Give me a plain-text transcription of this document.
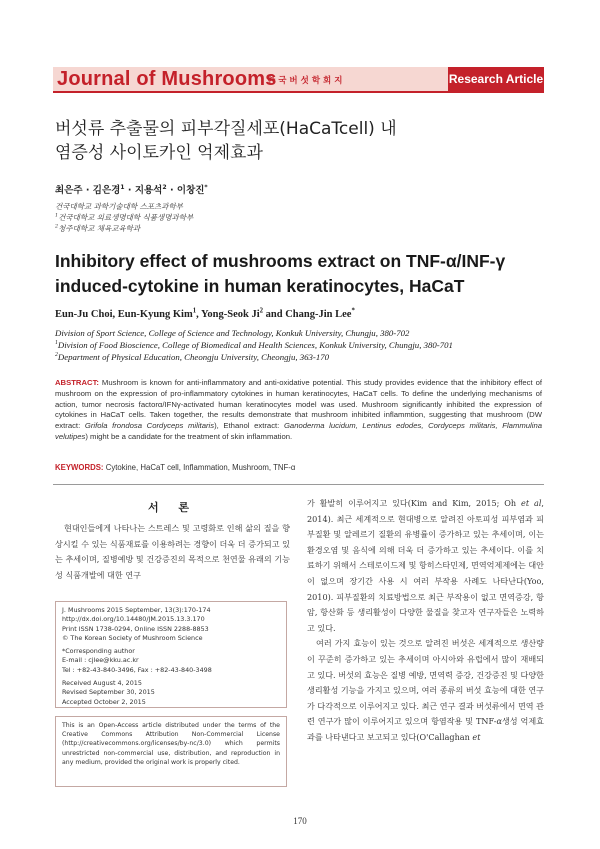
Journal of Mushrooms
한국버섯학회지	Research Article
버섯류 추출물의 피부각질세포(HaCaTcell) 내
염증성 사이토카인 억제효과
최은주 · 김은경$^1$ · 지용석$^2$ · 이창진*
건국대학교 과학기술대학 스포츠과학부
$^1$건국대학교 의료생명대학 식품생명과학부
$^2$청주대학교 체육교육학과
Inhibitory effect of mushrooms extract on TNF-α/INF-γ
induced-cytokine in human keratinocytes, HaCaT
Eun-Ju Choi, Eun-Kyung Kim$^1$, Yong-Seok Ji$^2$ and Chang-Jin Lee*
Division of Sport Science, College of Science and Technology, Konkuk University, Chungju, 380-702
$^1$Division of Food Bioscience, College of Biomedical and Health Sciences, Konkuk University, Chungju, 380-701
$^2$Department of Physical Education, Cheongju University, Cheongju, 363-170
ABSTRACT: Mushroom is known for anti-inflammatory and anti-oxidative potential. This study provides evidence that the inhibitory effect of mushroom on the expression of pro-inflammatory cytokines in human keratinocytes, HaCaT cells. To define the underlying mechanisms of action, tumor necrosis factorα/IFNγ-activated human keratinocytes model was used. Mushroom significantly inhibited the expression of cytokines in HaCaT cells. Taken together, the results demonstrate that mushroom inhibited inflammtion, suggesting that mushroom (DW extract: Grifola frondosa Cordyceps militaris), Ethanol extract: Ganoderma lucidum, Lentinus edodes, Cordyceps militaris, Flammulina velutipes) might be a candidate for the treatment of skin inflammation.
KEYWORDS: Cytokine, HaCaT cell, Inflammation, Mushroom, TNF-α
서 론

현대인들에게 나타나는 스트레스 및 고령화로 인해 삶의 질을 향상시킬 수 있는 식품재료를 이용하려는 경향이 더욱 더 증가되고 있는 추세이며, 질병예방 및 건강증진의 목적으로 천연물 유래의 기능성 식품개발에 대한 연구

J. Mushrooms 2015 September, 13(3):170-174
http://dx.doi.org/10.14480/JM.2015.13.3.170
Print ISSN 1738-0294, Online ISSN 2288-8853
© The Korean Society of Mushroom Science
*Corresponding author
E-mail : cjlee@kku.ac.kr
Tel : +82-43-840-3496, Fax : +82-43-840-3498
Received August 4, 2015
Revised September 30, 2015
Accepted October 2, 2015
This is an Open-Access article distributed under the terms of the Creative Commons Attribution Non-Commercial License (http://creativecommons.org/licenses/by-nc/3.0) which permits unrestricted non-commercial use, distribution, and reproduction in any medium, provided the original work is properly cited.

가 활발히 이루어지고 있다(Kim and Kim, 2015; Oh et al, 2014). 최근 세계적으로 현대병으로 알려진 아토피성 피부염과 피부질환 및 알레르기 질환의 유병률이 증가하고 있는 추세이며, 이는 환경오염 및 음식에 의해 더욱 더 증가하고 있는 추세이다. 이를 치료하기 위해서 스테로이드제 및 항히스타민제, 면역억제제에는 대안이 없으며 장기간 사용 시 여러 부작용 사례도 나타난다(Yoo, 2010). 피부질환의 치료방법으로 최근 부작용이 없고 면역증강, 항암, 항산화 등 생리활성이 다양한 물질을 찾고자 연구자들은 노력하고 있다.

여러 가지 효능이 있는 것으로 알려진 버섯은 세계적으로 생산량이 꾸준히 증가하고 있는 추세이며 아시아와 유럽에서 많이 재배되고 있다. 버섯의 효능은 질병 예방, 면역력 증강, 건강증진 및 다양한 생리활성 기능을 가지고 있으며, 여러 종류의 버섯 효능에 대한 연구가 다각적으로 이루어지고 있다. 최근 연구 결과 버섯류에서 면역 관련 연구가 많이 이루어지고 있으며 항염작용 및 TNF-α생성 억제효과를 나타낸다고 보고되고 있다(O'Callaghan et

170
